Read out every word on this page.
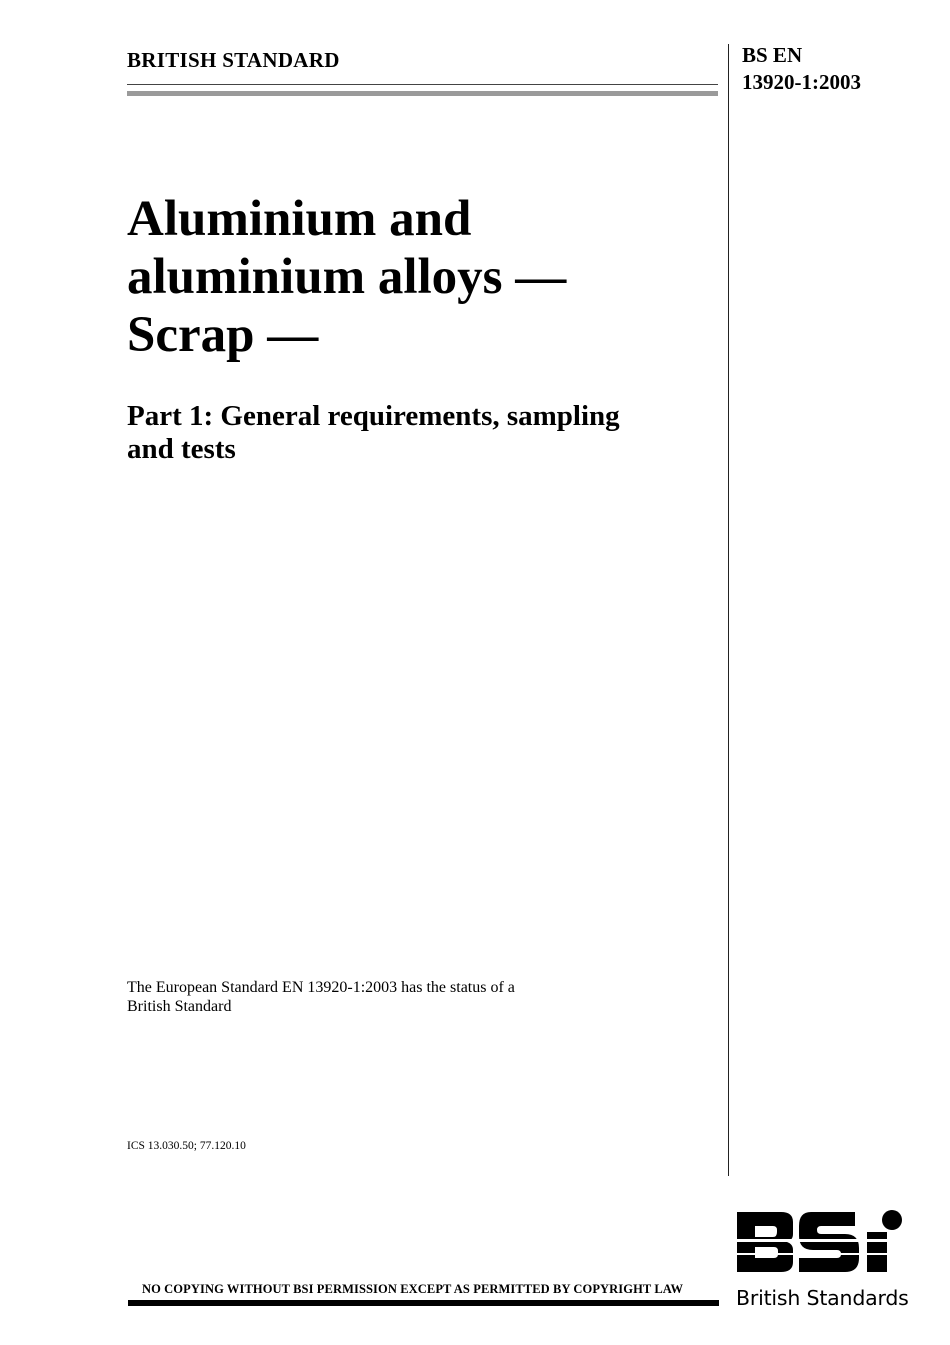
BRITISH STANDARD	BS EN
13920-1:2003
Aluminium and
aluminium alloys —
Scrap —
Part 1: General requirements, sampling
and tests
The European Standard EN 13920-1:2003 has the status of a
British Standard
ICS 13.030.50; 77.120.10
NO COPYING WITHOUT BSI PERMISSION EXCEPT AS PERMITTED BY COPYRIGHT LAW	British Standards
